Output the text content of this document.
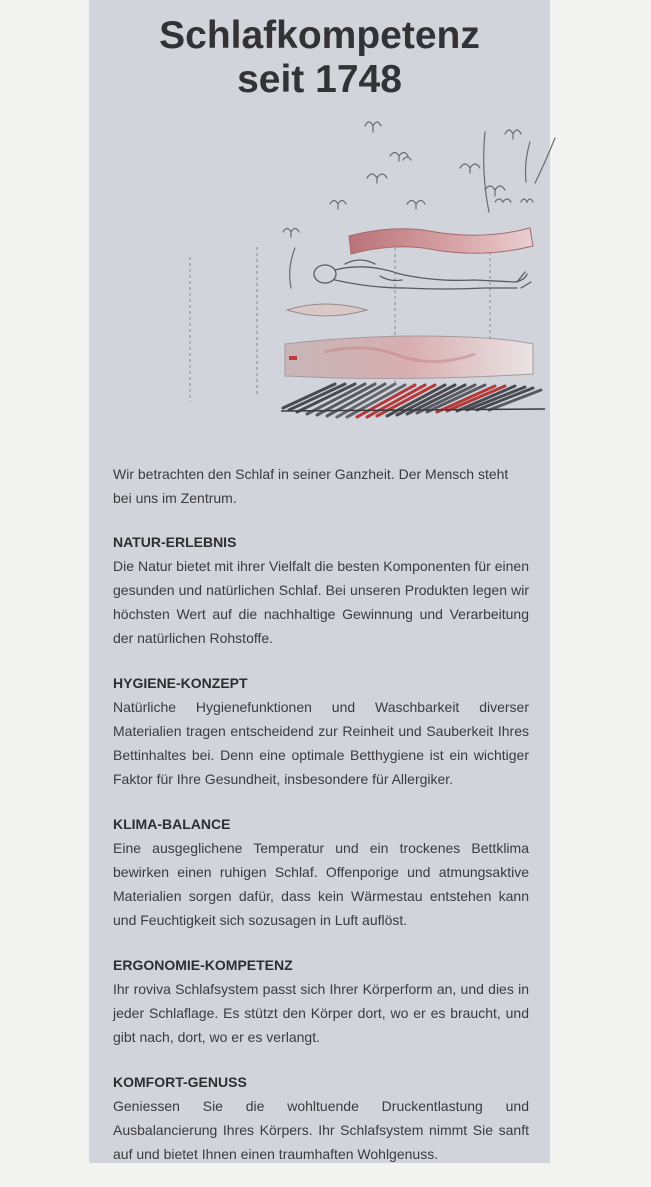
Schlafkompetenz
seit 1748

Wir betrachten den Schlaf in seiner Ganzheit. Der Mensch steht bei uns im Zentrum.

NATUR-ERLEBNIS

Die Natur bietet mit ihrer Vielfalt die besten Komponenten für einen gesunden und natürlichen Schlaf. Bei unseren Produkten legen wir höchsten Wert auf die nachhaltige Gewinnung und Verarbeitung der natürlichen Rohstoffe.

HYGIENE-KONZEPT

Natürliche Hygienefunktionen und Waschbarkeit diverser Materialien tragen entscheidend zur Reinheit und Sauberkeit Ihres Bettinhaltes bei. Denn eine optimale Betthygiene ist ein wichtiger Faktor für Ihre Gesundheit, insbesondere für Allergiker.

KLIMA-BALANCE

Eine ausgeglichene Temperatur und ein trockenes Bettklima bewirken einen ruhigen Schlaf. Offenporige und atmungsaktive Materialien sorgen dafür, dass kein Wärmestau entstehen kann und Feuchtigkeit sich sozusagen in Luft auflöst.

ERGONOMIE-KOMPETENZ

Ihr roviva Schlafsystem passt sich Ihrer Körperform an, und dies in jeder Schlaflage. Es stützt den Körper dort, wo er es braucht, und gibt nach, dort, wo er es verlangt.

KOMFORT-GENUSS

Geniessen Sie die wohltuende Druckentlastung und Ausbalancierung Ihres Körpers. Ihr Schlafsystem nimmt Sie sanft auf und bietet Ihnen einen traumhaften Wohlgenuss.
